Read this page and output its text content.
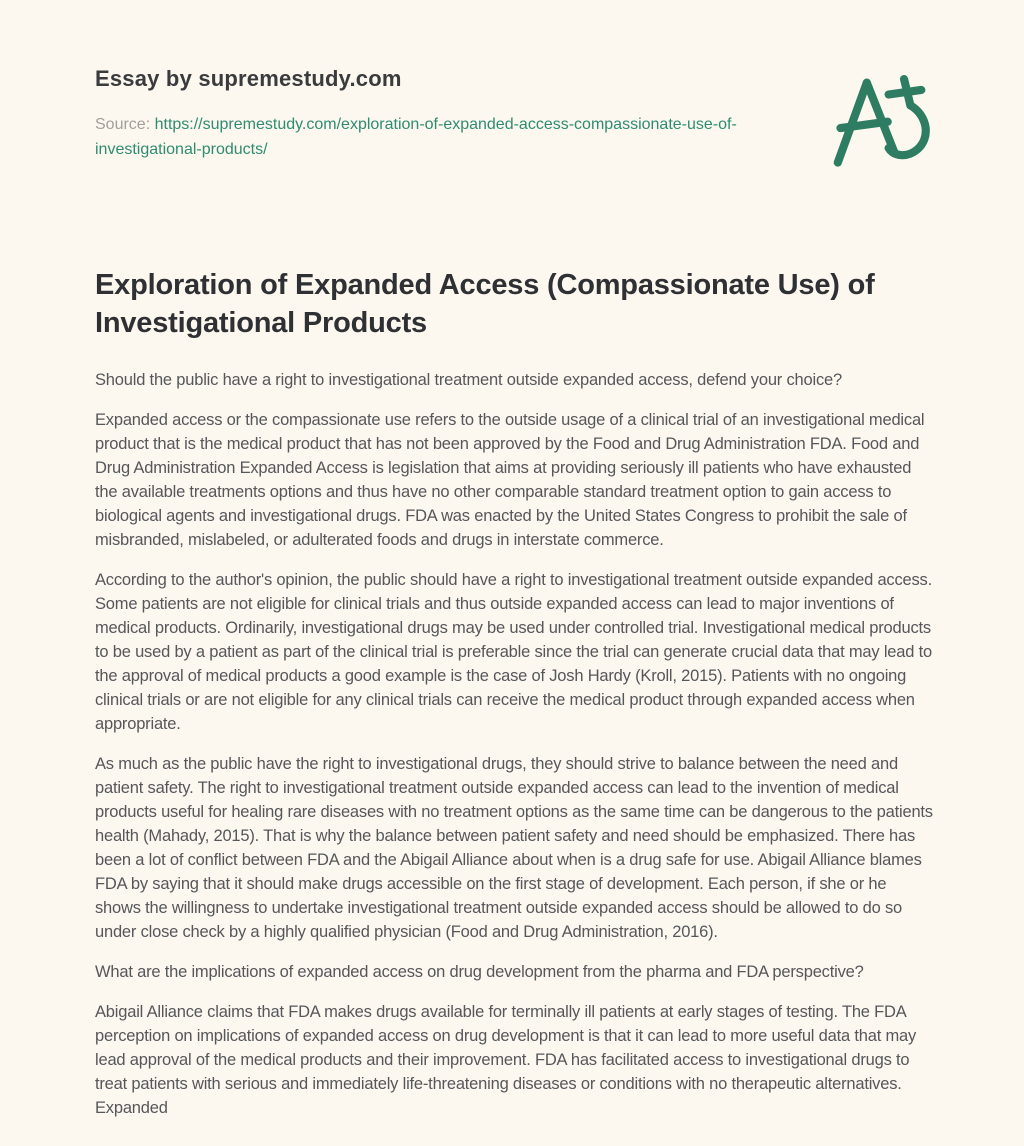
Essay by supremestudy.com

Source: https://supremestudy.com/exploration-of-expanded-access-compassionate-use-of-investigational-products/

Exploration of Expanded Access (Compassionate Use) of Investigational Products

Should the public have a right to investigational treatment outside expanded access, defend your choice?

Expanded access or the compassionate use refers to the outside usage of a clinical trial of an investigational medical product that is the medical product that has not been approved by the Food and Drug Administration FDA. Food and Drug Administration Expanded Access is legislation that aims at providing seriously ill patients who have exhausted the available treatments options and thus have no other comparable standard treatment option to gain access to biological agents and investigational drugs. FDA was enacted by the United States Congress to prohibit the sale of misbranded, mislabeled, or adulterated foods and drugs in interstate commerce.

According to the author's opinion, the public should have a right to investigational treatment outside expanded access. Some patients are not eligible for clinical trials and thus outside expanded access can lead to major inventions of medical products. Ordinarily, investigational drugs may be used under controlled trial. Investigational medical products to be used by a patient as part of the clinical trial is preferable since the trial can generate crucial data that may lead to the approval of medical products a good example is the case of Josh Hardy (Kroll, 2015). Patients with no ongoing clinical trials or are not eligible for any clinical trials can receive the medical product through expanded access when appropriate.

As much as the public have the right to investigational drugs, they should strive to balance between the need and patient safety. The right to investigational treatment outside expanded access can lead to the invention of medical products useful for healing rare diseases with no treatment options as the same time can be dangerous to the patients health (Mahady, 2015). That is why the balance between patient safety and need should be emphasized. There has been a lot of conflict between FDA and the Abigail Alliance about when is a drug safe for use. Abigail Alliance blames FDA by saying that it should make drugs accessible on the first stage of development. Each person, if she or he shows the willingness to undertake investigational treatment outside expanded access should be allowed to do so under close check by a highly qualified physician (Food and Drug Administration, 2016).

What are the implications of expanded access on drug development from the pharma and FDA perspective?

Abigail Alliance claims that FDA makes drugs available for terminally ill patients at early stages of testing. The FDA perception on implications of expanded access on drug development is that it can lead to more useful data that may lead approval of the medical products and their improvement. FDA has facilitated access to investigational drugs to treat patients with serious and immediately life-threatening diseases or conditions with no therapeutic alternatives. Expanded
